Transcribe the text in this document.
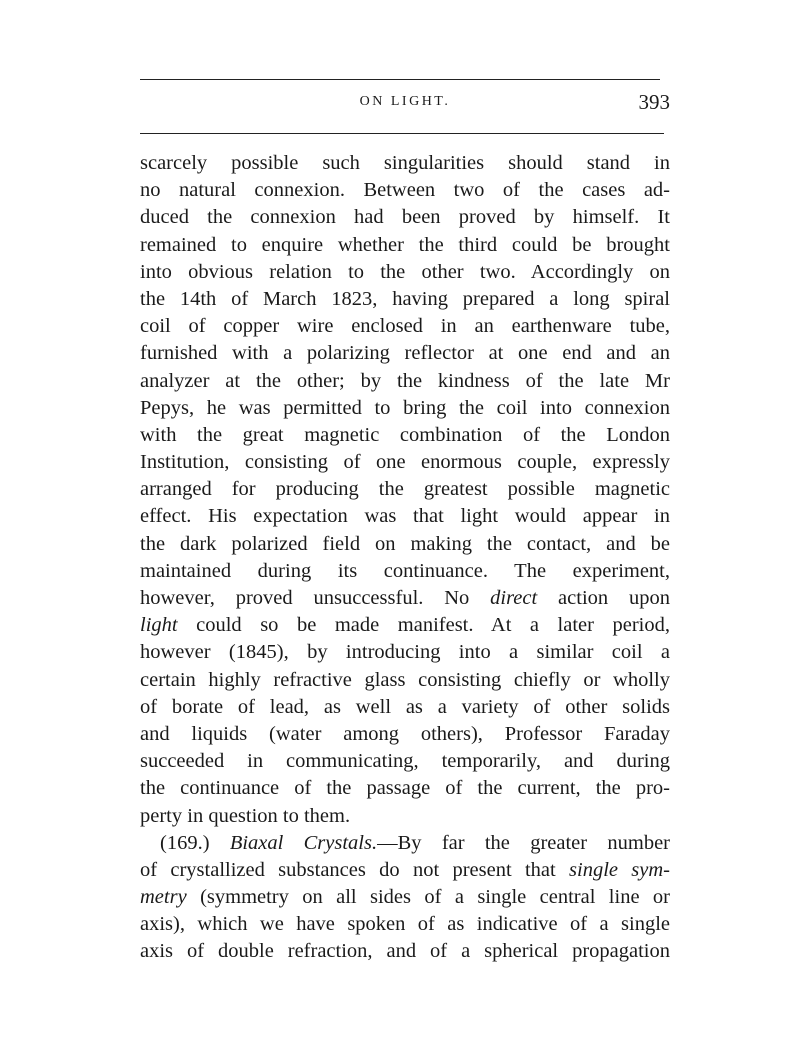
ON LIGHT.	393
scarcely possible such singularities should stand in
no natural connexion. Between two of the cases ad-
duced the connexion had been proved by himself. It
remained to enquire whether the third could be brought
into obvious relation to the other two. Accordingly on
the 14th of March 1823, having prepared a long spiral
coil of copper wire enclosed in an earthenware tube,
furnished with a polarizing reflector at one end and an
analyzer at the other; by the kindness of the late Mr
Pepys, he was permitted to bring the coil into connexion
with the great magnetic combination of the London
Institution, consisting of one enormous couple, expressly
arranged for producing the greatest possible magnetic
effect. His expectation was that light would appear in
the dark polarized field on making the contact, and be
maintained during its continuance. The experiment,
however, proved unsuccessful. No direct action upon
light could so be made manifest. At a later period,
however (1845), by introducing into a similar coil a
certain highly refractive glass consisting chiefly or wholly
of borate of lead, as well as a variety of other solids
and liquids (water among others), Professor Faraday
succeeded in communicating, temporarily, and during
the continuance of the passage of the current, the pro-
perty in question to them.
(169.) Biaxal Crystals.—By far the greater number
of crystallized substances do not present that single sym-
metry (symmetry on all sides of a single central line or
axis), which we have spoken of as indicative of a single
axis of double refraction, and of a spherical propagation
